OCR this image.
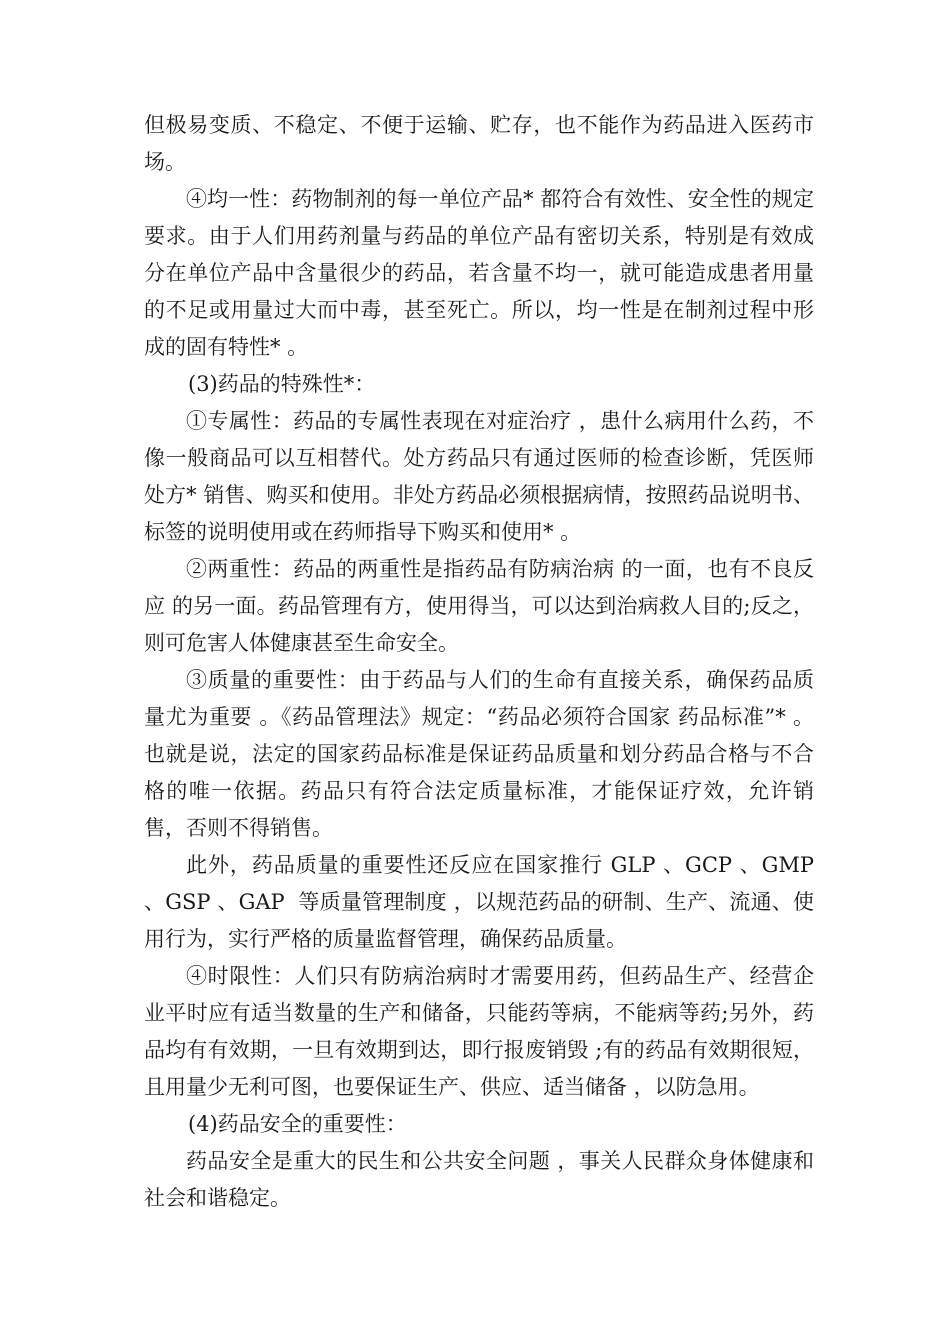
但极易变质、不稳定、不便于运输、贮存，也不能作为药品进入医药市场。

④均一性：药物制剂的每一单位产品* 都符合有效性、安全性的规定要求。由于人们用药剂量与药品的单位产品有密切关系，特别是有效成分在单位产品中含量很少的药品，若含量不均一，就可能造成患者用量的不足或用量过大而中毒，甚至死亡。所以，均一性是在制剂过程中形成的固有特性* 。

(3)药品的特殊性*：

①专属性：药品的专属性表现在对症治疗 ，患什么病用什么药，不像一般商品可以互相替代。处方药品只有通过医师的检查诊断，凭医师处方* 销售、购买和使用。非处方药品必须根据病情，按照药品说明书、标签的说明使用或在药师指导下购买和使用* 。

②两重性：药品的两重性是指药品有防病治病 的一面，也有不良反应 的另一面。药品管理有方，使用得当，可以达到治病救人目的;反之，则可危害人体健康甚至生命安全。

③质量的重要性：由于药品与人们的生命有直接关系，确保药品质量尤为重要 。《药品管理法》规定：“药品必须符合国家 药品标准”* 。也就是说，法定的国家药品标准是保证药品质量和划分药品合格与不合格的唯一依据。药品只有符合法定质量标准，才能保证疗效，允许销售，否则不得销售。

此外，药品质量的重要性还反应在国家推行 GLP 、GCP 、GMP  、GSP 、GAP  等质量管理制度 ，以规范药品的研制、生产、流通、使用行为，实行严格的质量监督管理，确保药品质量。

④时限性：人们只有防病治病时才需要用药，但药品生产、经营企业平时应有适当数量的生产和储备，只能药等病，不能病等药;另外，药品均有有效期，一旦有效期到达，即行报废销毁 ;有的药品有效期很短，且用量少无利可图，也要保证生产、供应、适当储备 ，以防急用。

(4)药品安全的重要性：

药品安全是重大的民生和公共安全问题 ，事关人民群众身体健康和社会和谐稳定。
